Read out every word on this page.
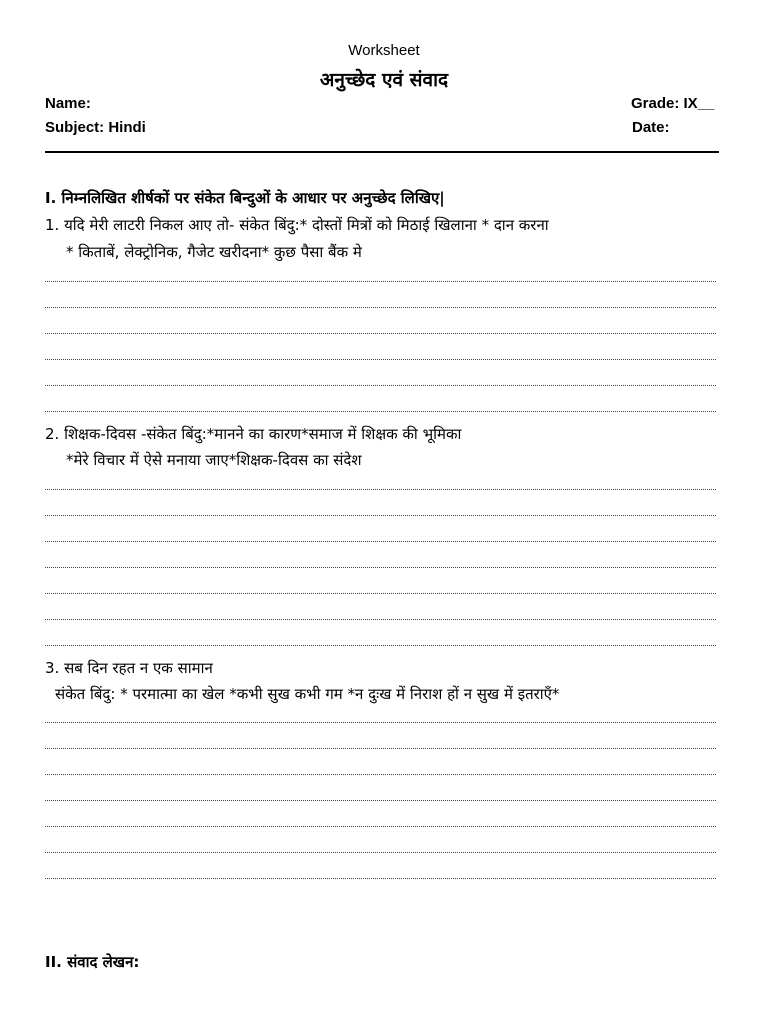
Worksheet
अनुच्छेद एवं संवाद
Name:	Grade: IX__
Subject: Hindi	Date:
I. निम्नलिखित शीर्षकों पर संकेत बिन्दुओं के आधार पर अनुच्छेद लिखिए|
1. यदि मेरी लाटरी निकल आए तो- संकेत बिंदु:* दोस्तों मित्रों को मिठाई खिलाना * दान करना
* किताबें, लेक्ट्रोनिक, गैजेट खरीदना* कुछ पैसा बैंक मे
2. शिक्षक-दिवस -संकेत बिंदु:*मानने का कारण*समाज में शिक्षक की भूमिका
*मेरे विचार में ऐसे मनाया जाए*शिक्षक-दिवस का संदेश
3. सब दिन रहत न एक सामान
संकेत बिंदु: * परमात्मा का खेल *कभी सुख कभी गम *न दुःख में निराश हों न सुख में इतराएँ*
II. संवाद लेखन:
